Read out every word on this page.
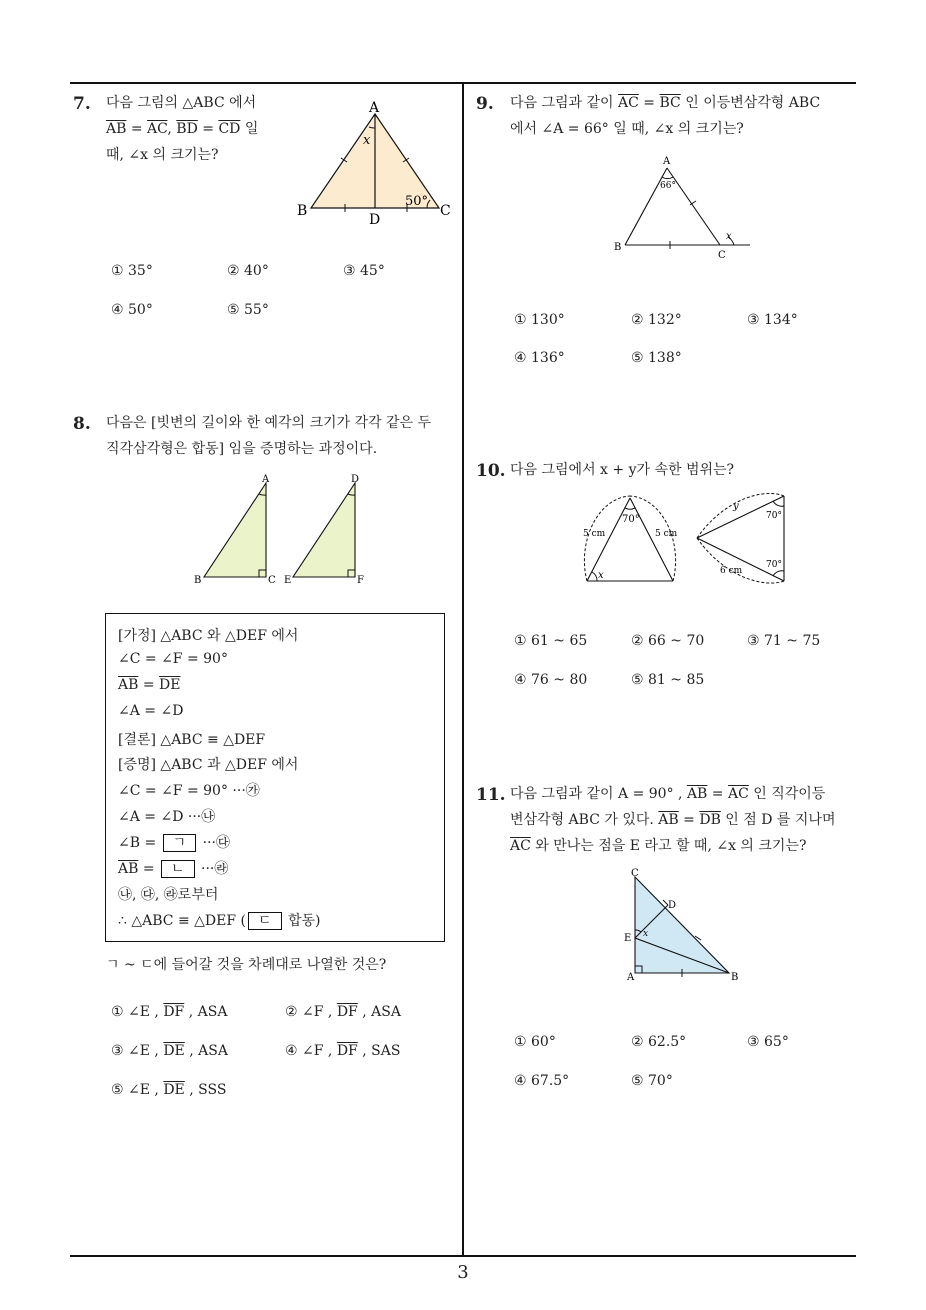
7. 다음 그림의 △ABC 에서
$\overline{AB} = \overline{AC}$, $\overline{BD} = \overline{CD}$ 일
때, ∠x 의 크기는?
A
B	C
D
x
50°
① 35°	② 40°	③ 45°
④ 50°	⑤ 55°
8. 다음은 [빗변의 길이와 한 예각의 크기가 각각 같은 두
직각삼각형은 합동] 임을 증명하는 과정이다.
A
B	C
D
E	F
[가정] △ABC 와 △DEF 에서
∠C = ∠F = 90°
$\overline{AB} = \overline{DE}$
∠A = ∠D
[결론] △ABC ≡ △DEF
[증명] △ABC 과 △DEF 에서
∠C = ∠F = 90° ···㉮
∠A = ∠D ···㉯
∠B = ㄱ ···㉰
$\overline{AB}$ = ㄴ ···㉱
㉯, ㉰, ㉱로부터
∴ △ABC ≡ △DEF ( ㄷ 합동)
ㄱ ~ ㄷ에 들어갈 것을 차례대로 나열한 것은?
① ∠E , $\overline{DF}$ , ASA	② ∠F , $\overline{DF}$ , ASA
③ ∠E , $\overline{DE}$ , ASA	④ ∠F , $\overline{DF}$ , SAS
⑤ ∠E , $\overline{DE}$ , SSS
9. 다음 그림과 같이 $\overline{AC} = \overline{BC}$ 인 이등변삼각형 ABC
에서 ∠A = 66° 일 때, ∠x 의 크기는?
A
B
C
66°
x
① 130°	② 132°	③ 134°
④ 136°	⑤ 138°
10. 다음 그림에서 x + y가 속한 범위는?
70°
5 cm	5 cm
x
y
70°
70°
6 cm
① 61 ~ 65	② 66 ~ 70	③ 71 ~ 75
④ 76 ~ 80	⑤ 81 ~ 85
11. 다음 그림과 같이 A = 90° , $\overline{AB} = \overline{AC}$ 인 직각이등
변삼각형 ABC 가 있다. $\overline{AB} = \overline{DB}$ 인 점 D 를 지나며
$\overline{AC}$ 와 만나는 점을 E 라고 할 때, ∠x 의 크기는?
C
D
E x
A	B
① 60°	② 62.5°	③ 65°
④ 67.5°	⑤ 70°
3
